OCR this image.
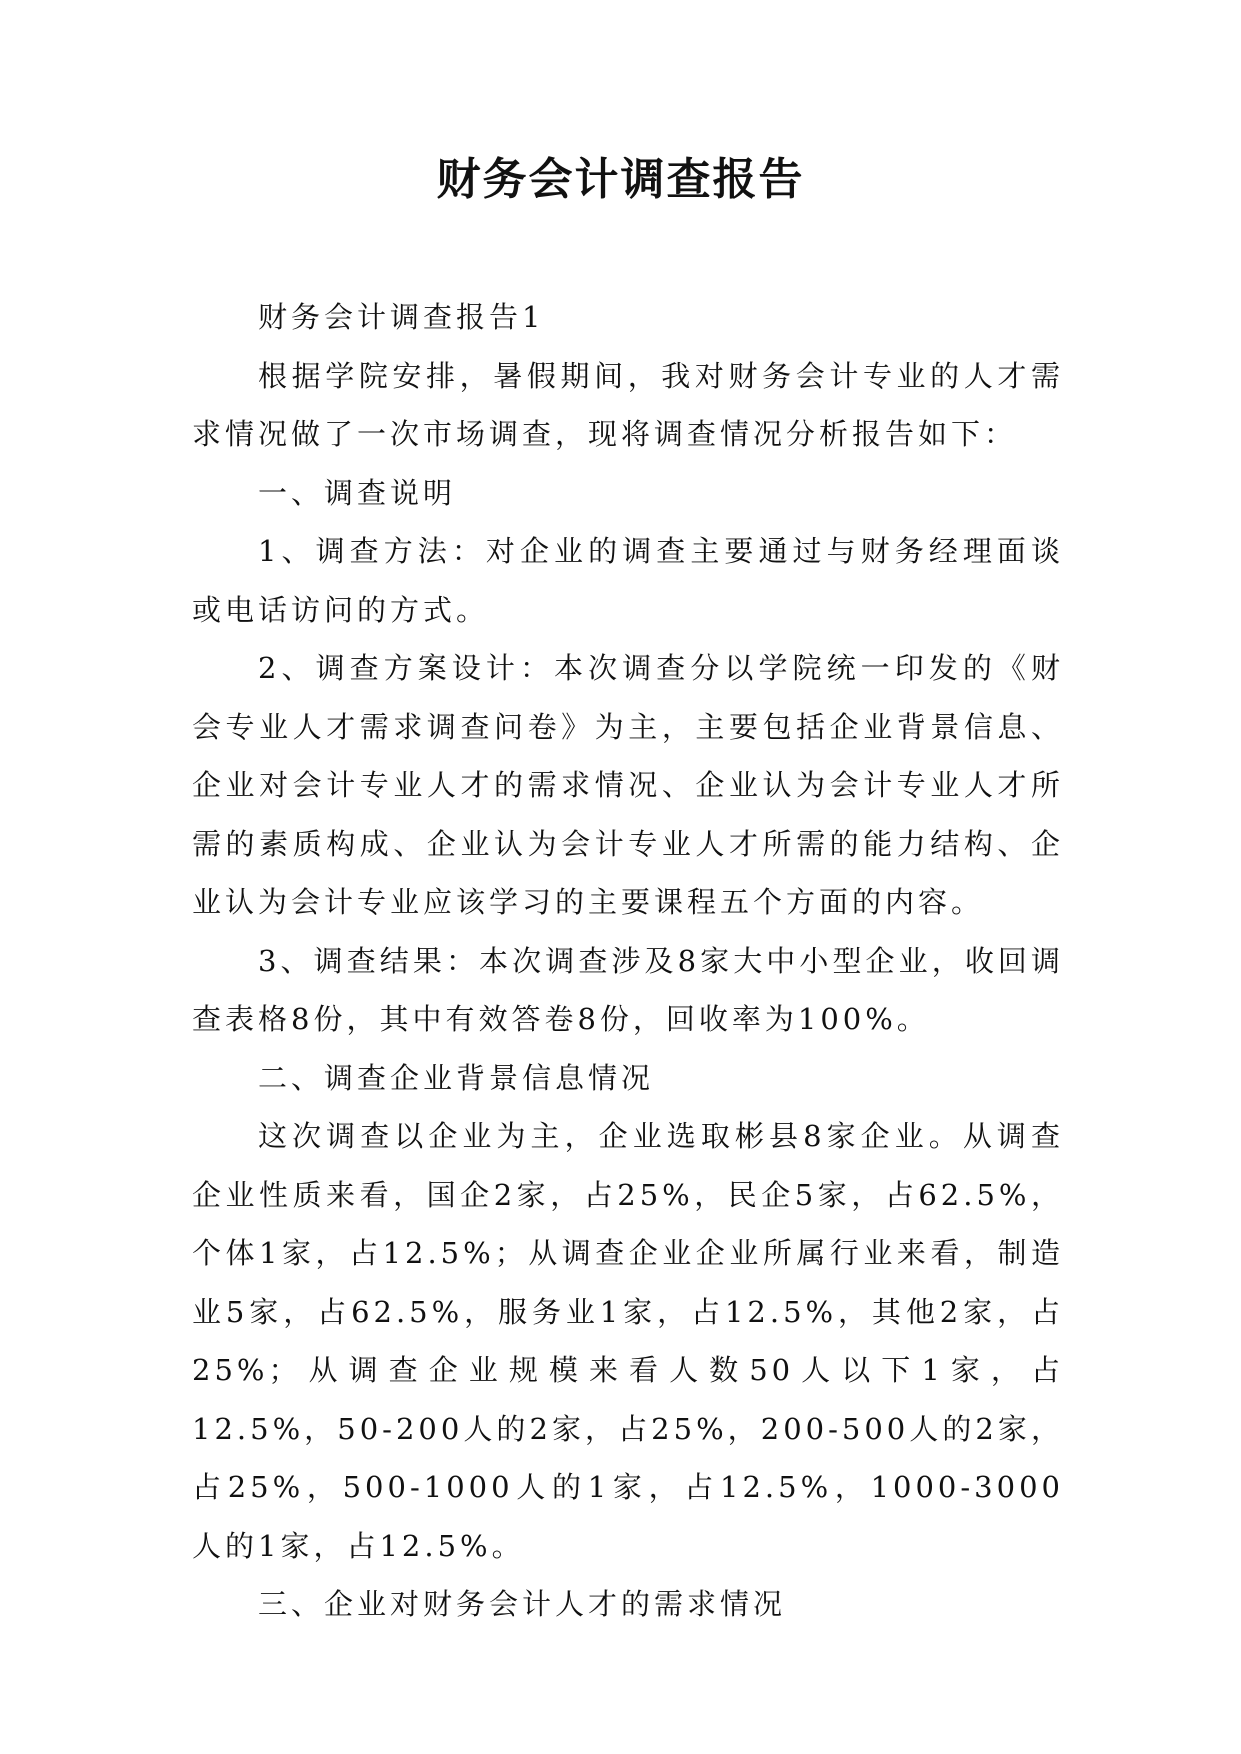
财务会计调查报告

财务会计调查报告1

根据学院安排，暑假期间，我对财务会计专业的人才需求情况做了一次市场调查，现将调查情况分析报告如下：

一、调查说明

1、调查方法：对企业的调查主要通过与财务经理面谈或电话访问的方式。

2、调查方案设计：本次调查分以学院统一印发的《财会专业人才需求调查问卷》为主，主要包括企业背景信息、企业对会计专业人才的需求情况、企业认为会计专业人才所需的素质构成、企业认为会计专业人才所需的能力结构、企业认为会计专业应该学习的主要课程五个方面的内容。

3、调查结果：本次调查涉及8家大中小型企业，收回调查表格8份，其中有效答卷8份，回收率为100%。

二、调查企业背景信息情况

这次调查以企业为主，企业选取彬县8家企业。从调查企业性质来看，国企2家，占25%，民企5家，占62.5%，个体1家，占12.5%；从调查企业企业所属行业来看，制造业5家，占62.5%，服务业1家，占12.5%，其他2家，占25%；从调查企业规模来看人数50人以下1家，占12.5%，50-200人的2家，占25%，200-500人的2家，占25%，500-1000人的1家，占12.5%，1000-3000人的1家，占12.5%。

三、企业对财务会计人才的需求情况
